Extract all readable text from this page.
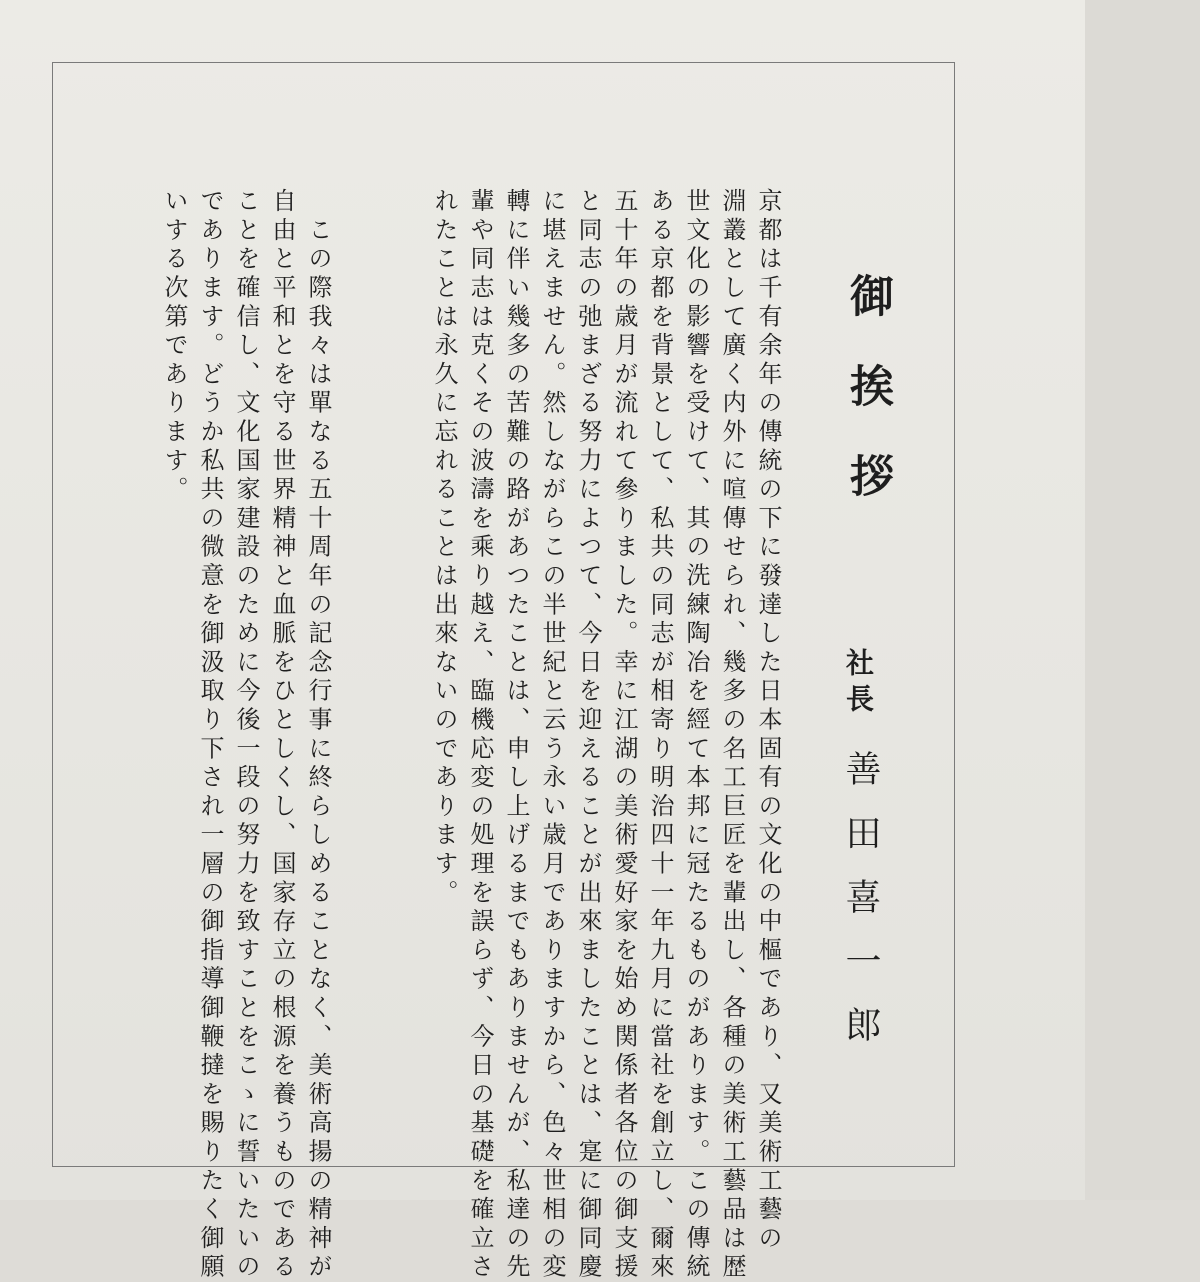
御挨拶
社長
善田喜一郎
京都は千有余年の傳統の下に發達した日本固有の文化の中樞であり、又美術工藝の
淵叢として廣く内外に喧傳せられ、幾多の名工巨匠を輩出し、各種の美術工藝品は歴
世文化の影響を受けて、其の洗練陶冶を經て本邦に冠たるものがあります。この傳統
ある京都を背景として、私共の同志が相寄り明治四十一年九月に當社を創立し、爾來
五十年の歳月が流れて參りました。幸に江湖の美術愛好家を始め関係者各位の御支援
と同志の弛まざる努力によつて、今日を迎えることが出來ましたことは、寔に御同慶
に堪えません。然しながらこの半世紀と云う永い歳月でありますから、色々世相の変
轉に伴い幾多の苦難の路があつたことは、申し上げるまでもありませんが、私達の先
輩や同志は克くその波濤を乘り越え、臨機応変の処理を誤らず、今日の基礎を確立さ
れたことは永久に忘れることは出來ないのであります。
　この際我々は單なる五十周年の記念行事に終らしめることなく、美術高揚の精神が
自由と平和とを守る世界精神と血脈をひとしくし、国家存立の根源を養うものである
ことを確信し、文化国家建設のために今後一段の努力を致すことをこゝに誓いたいの
であります。どうか私共の微意を御汲取り下され一層の御指導御鞭撻を賜りたく御願
いする次第であります。
